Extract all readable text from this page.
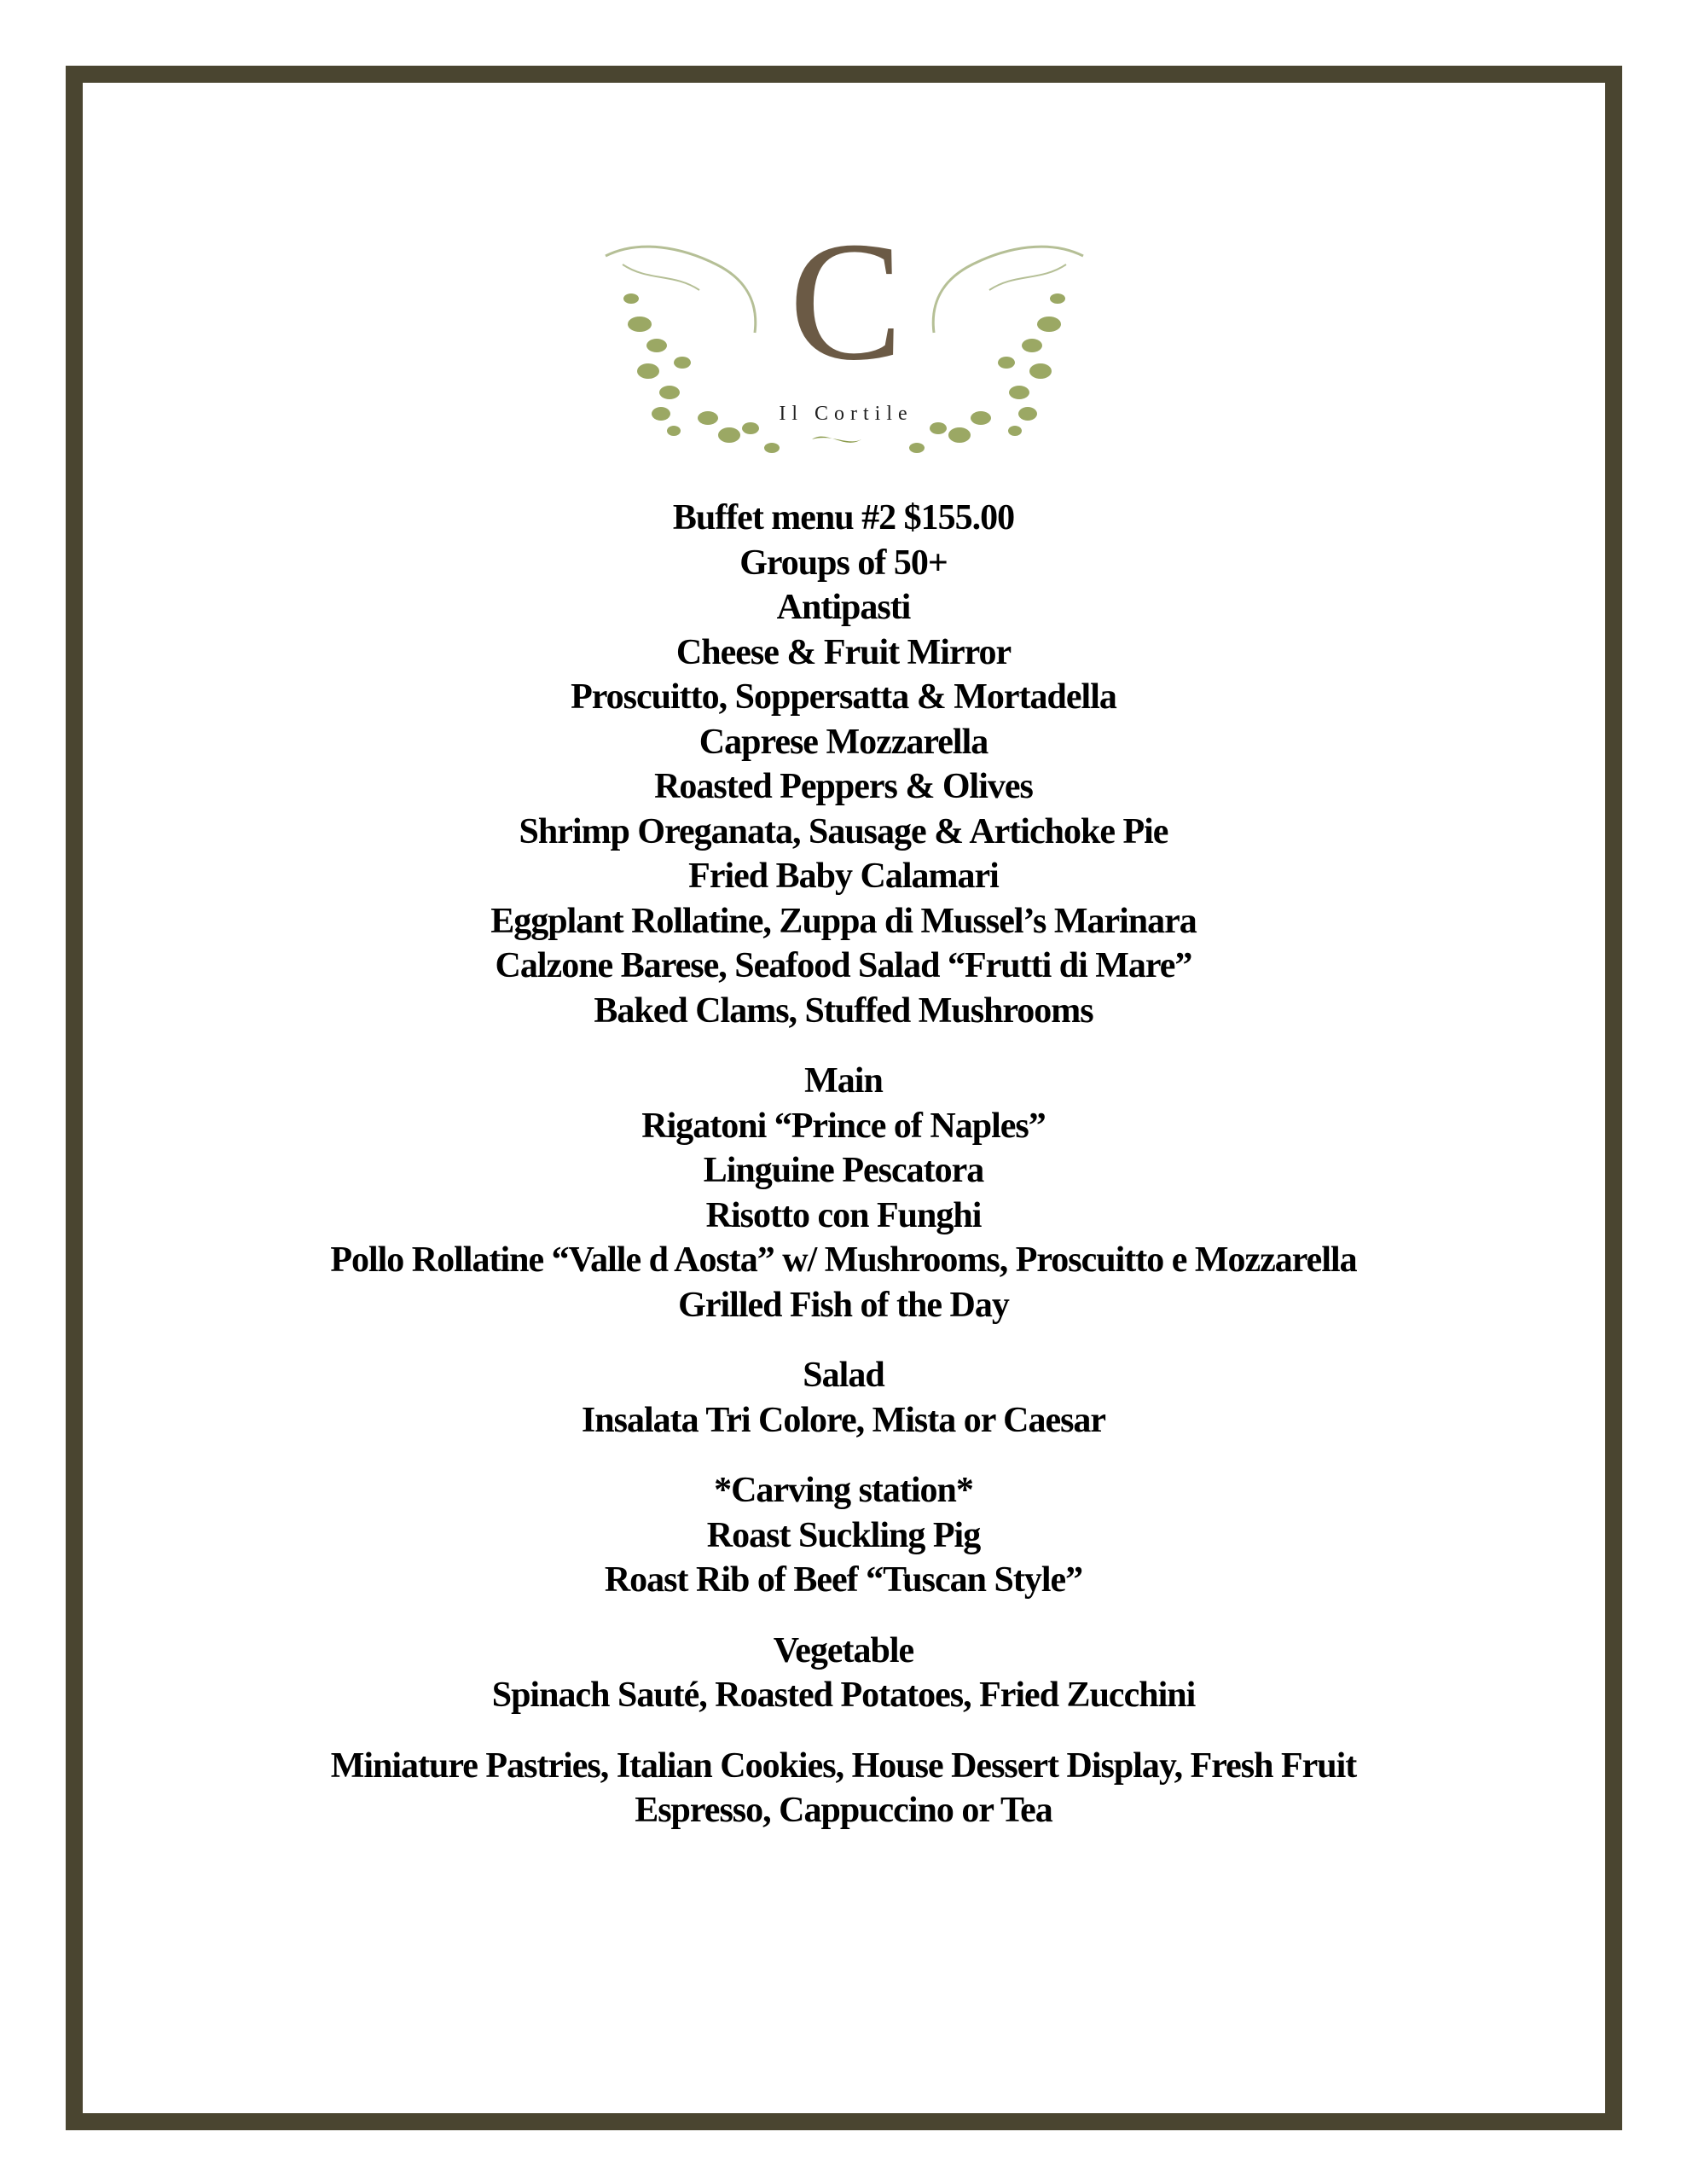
C
Il Cortile
Buffet menu #2 $155.00
Groups of 50+
Antipasti
Cheese & Fruit Mirror
Proscuitto, Soppersatta & Mortadella
Caprese Mozzarella
Roasted Peppers & Olives
Shrimp Oreganata, Sausage & Artichoke Pie
Fried Baby Calamari
Eggplant Rollatine, Zuppa di Mussel’s Marinara
Calzone Barese, Seafood Salad “Frutti di Mare”
Baked Clams, Stuffed Mushrooms
Main
Rigatoni “Prince of Naples”
Linguine Pescatora
Risotto con Funghi
Pollo Rollatine “Valle d Aosta” w/ Mushrooms, Proscuitto e Mozzarella
Grilled Fish of the Day
Salad
Insalata Tri Colore, Mista or Caesar
*Carving station*
Roast Suckling Pig
Roast Rib of Beef “Tuscan Style”
Vegetable
Spinach Sauté, Roasted Potatoes, Fried Zucchini
Miniature Pastries, Italian Cookies, House Dessert Display, Fresh Fruit
Espresso, Cappuccino or Tea
